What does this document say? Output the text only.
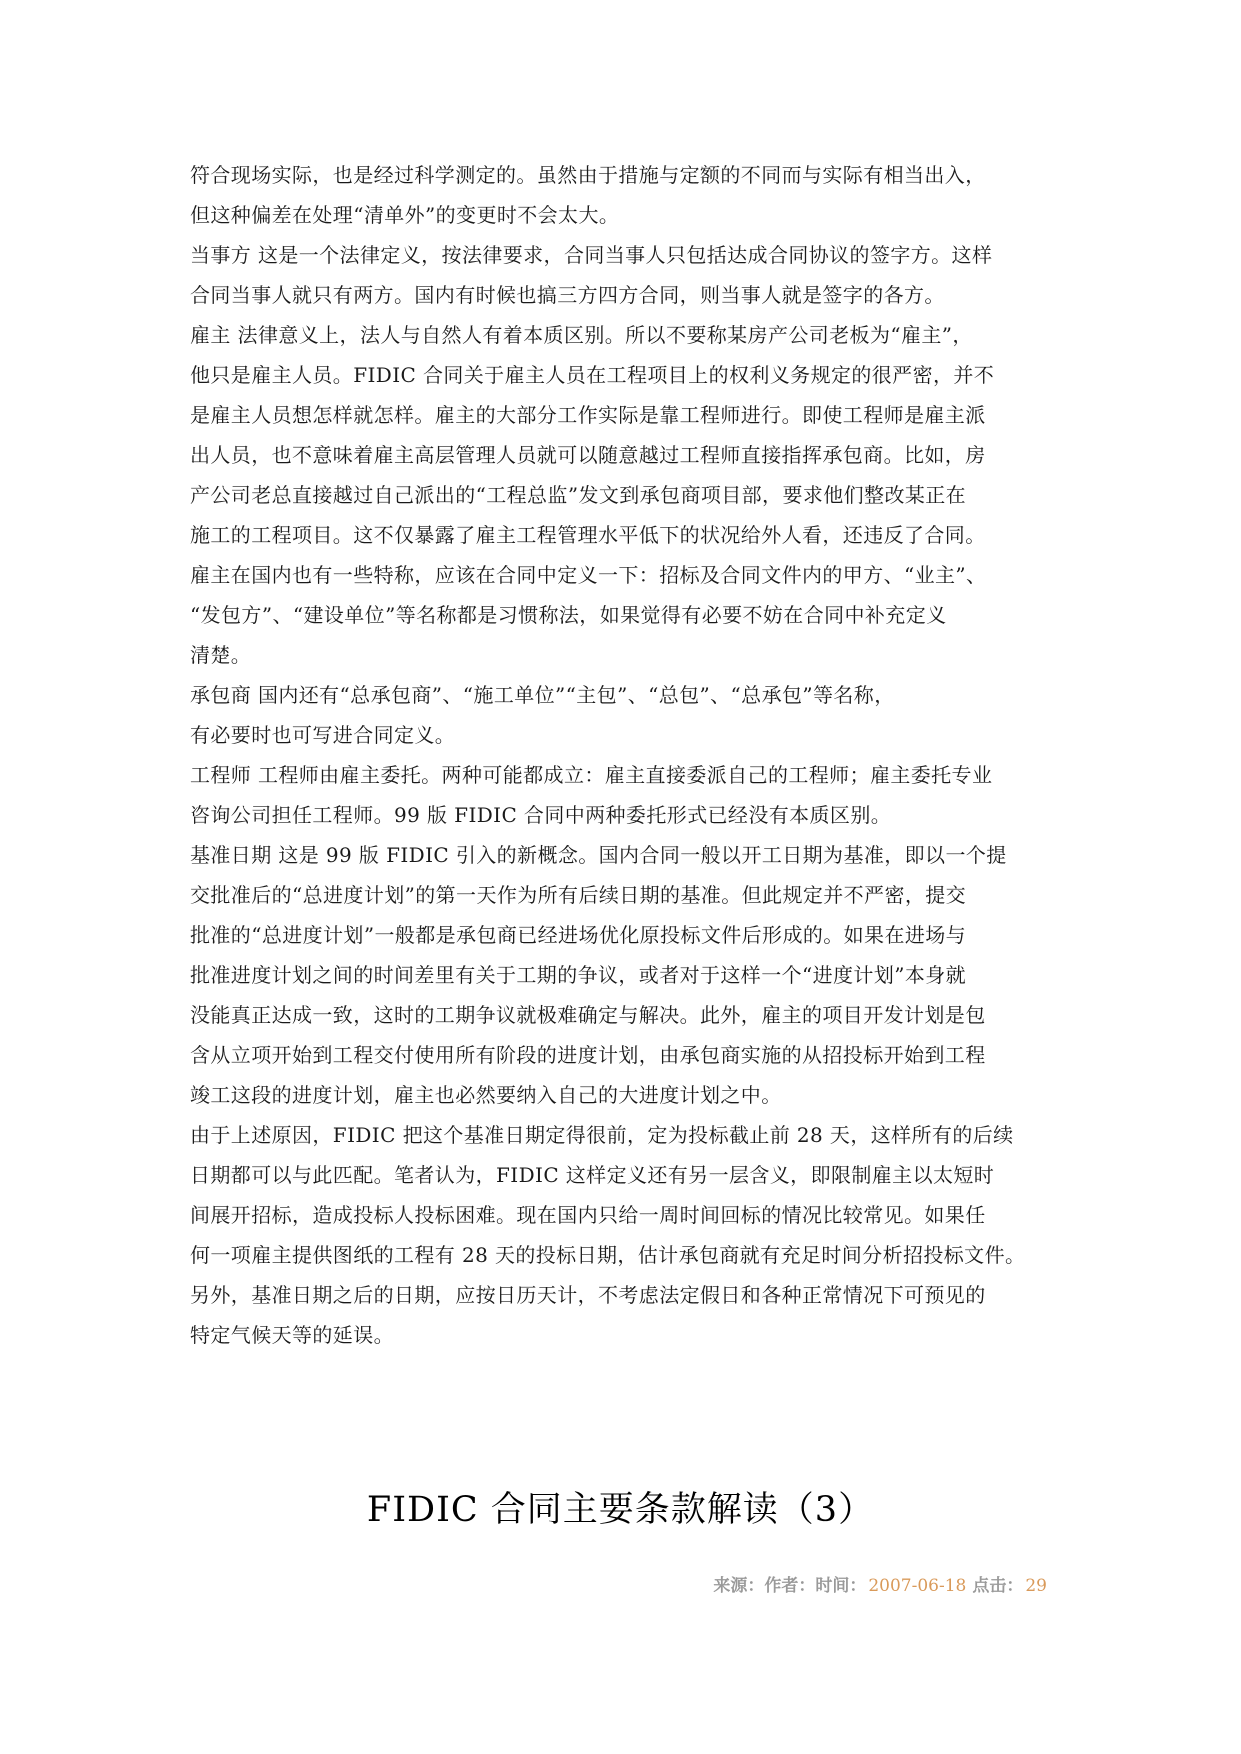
符合现场实际，也是经过科学测定的。虽然由于措施与定额的不同而与实际有相当出入，
但这种偏差在处理“清单外”的变更时不会太大。
当事方 这是一个法律定义，按法律要求，合同当事人只包括达成合同协议的签字方。这样
合同当事人就只有两方。国内有时候也搞三方四方合同，则当事人就是签字的各方。
雇主 法律意义上，法人与自然人有着本质区别。所以不要称某房产公司老板为“雇主”，
他只是雇主人员。FIDIC 合同关于雇主人员在工程项目上的权利义务规定的很严密，并不
是雇主人员想怎样就怎样。雇主的大部分工作实际是靠工程师进行。即使工程师是雇主派
出人员，也不意味着雇主高层管理人员就可以随意越过工程师直接指挥承包商。比如，房
产公司老总直接越过自己派出的“工程总监”发文到承包商项目部，要求他们整改某正在
施工的工程项目。这不仅暴露了雇主工程管理水平低下的状况给外人看，还违反了合同。
雇主在国内也有一些特称，应该在合同中定义一下：招标及合同文件内的甲方、“业主”、
“发包方”、“建设单位”等名称都是习惯称法，如果觉得有必要不妨在合同中补充定义
清楚。
承包商 国内还有“总承包商”、“施工单位”“主包”、“总包”、“总承包”等名称，
有必要时也可写进合同定义。
工程师 工程师由雇主委托。两种可能都成立：雇主直接委派自己的工程师；雇主委托专业
咨询公司担任工程师。99 版 FIDIC 合同中两种委托形式已经没有本质区别。
基准日期 这是 99 版 FIDIC 引入的新概念。国内合同一般以开工日期为基准，即以一个提
交批准后的“总进度计划”的第一天作为所有后续日期的基准。但此规定并不严密，提交
批准的“总进度计划”一般都是承包商已经进场优化原投标文件后形成的。如果在进场与
批准进度计划之间的时间差里有关于工期的争议，或者对于这样一个“进度计划”本身就
没能真正达成一致，这时的工期争议就极难确定与解决。此外，雇主的项目开发计划是包
含从立项开始到工程交付使用所有阶段的进度计划，由承包商实施的从招投标开始到工程
竣工这段的进度计划，雇主也必然要纳入自己的大进度计划之中。
由于上述原因，FIDIC 把这个基准日期定得很前，定为投标截止前 28 天，这样所有的后续
日期都可以与此匹配。笔者认为，FIDIC 这样定义还有另一层含义，即限制雇主以太短时
间展开招标，造成投标人投标困难。现在国内只给一周时间回标的情况比较常见。如果任
何一项雇主提供图纸的工程有 28 天的投标日期，估计承包商就有充足时间分析招投标文件。
另外，基准日期之后的日期，应按日历天计，不考虑法定假日和各种正常情况下可预见的
特定气候天等的延误。
FIDIC 合同主要条款解读（3）
来源：作者：时间： 2007-06-18 点击： 29
